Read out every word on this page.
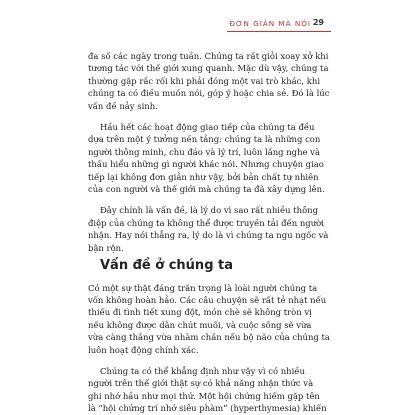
ĐƠN GIẢN MÀ NÓI 29
đa số các ngày trong tuần. Chúng ta rất giỏi xoay xở khi
tương tác với thế giới xung quanh. Mặc dù vậy, chúng ta
thường gặp rắc rối khi phải đóng một vai trò khác, khi
chúng ta có điều muốn nói, góp ý hoặc chia sẻ. Đó là lúc
vấn đề nảy sinh.
Hầu hết các hoạt động giao tiếp của chúng ta đều
dựa trên một ý tưởng nền tảng: chúng ta là những con
người thông minh, chu đáo và lý trí, luôn lắng nghe và
thấu hiểu những gì người khác nói. Nhưng chuyện giao
tiếp lại không đơn giản như vậy, bởi bản chất tự nhiên
của con người và thế giới mà chúng ta đã xây dựng lên.
Đây chính là vấn đề, là lý do vì sao rất nhiều thông
điệp của chúng ta không thể được truyền tải đến người
nhận. Hay nói thẳng ra, lý do là vì chúng ta ngu ngốc và
bận rộn.
Vấn đề ở chúng ta
Có một sự thật đáng trăn trọng là loài người chúng ta
vốn không hoàn hảo. Các câu chuyện sẽ rất tẻ nhạt nếu
thiếu đi tình tiết xung đột, món chè sẽ không tròn vị
nếu không được dằn chút muối, và cuộc sống sẽ vừa
vừa càng thắng vừa nhàm chán nếu bộ não của chúng ta
luôn hoạt động chính xác.
Chúng ta có thể khẳng định như vậy vì có nhiều
người trên thế giới thật sự có khả năng nhận thức và
ghi nhớ hầu như mọi thứ. Một hội chứng hiếm gặp tên
là “hội chứng trí nhớ siêu phàm” (hyperthymesia) khiến
